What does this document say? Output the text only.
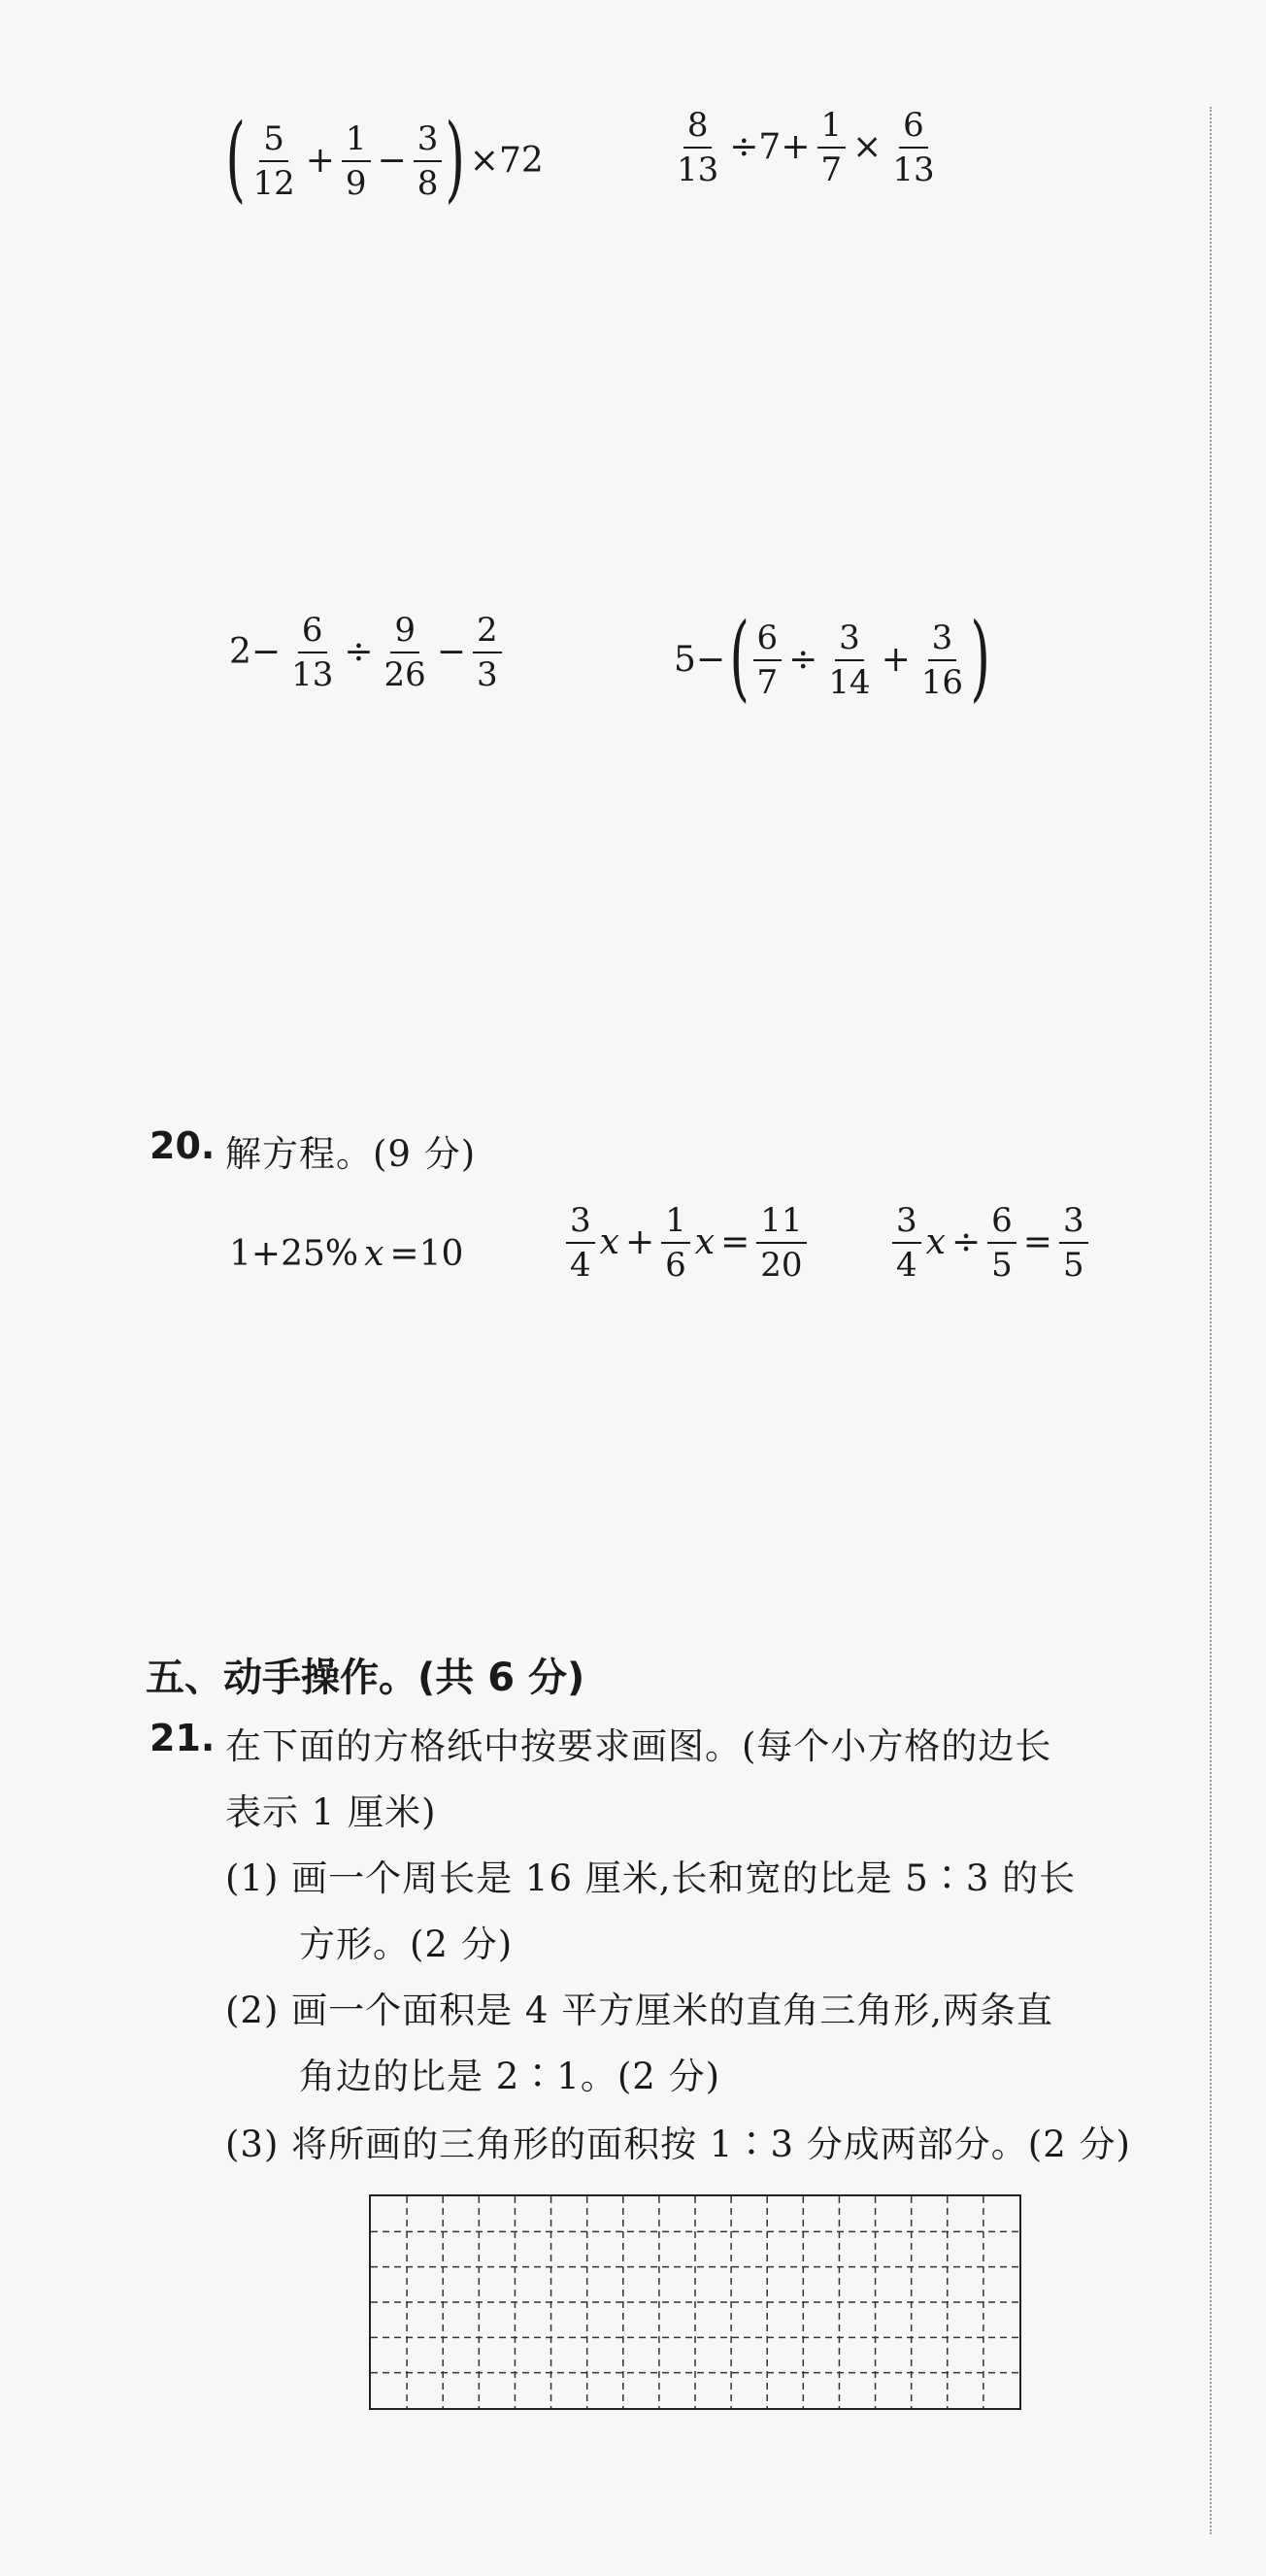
( $\frac{5}{12} + \frac{1}{9} - \frac{3}{8}$ ) ×72	$\frac{8}{13} \div 7+ \frac{1}{7} \times \frac{6}{13}$
$2- \frac{6}{13} \div \frac{9}{26} - \frac{2}{3}$	5− ( $\frac{6}{7} \div \frac{3}{14} + \frac{3}{16}$ )
20. 解方程。(9 分)
1+25% x =10	$\frac{3}{4}$ $x + \frac{1}{6}$ $x = \frac{11}{20}$	$\frac{3}{4}$ $x \div \frac{6}{5} = \frac{3}{5}$
五、动手操作。(共 6 分)
21. 在下面的方格纸中按要求画图。(每个小方格的边长
表示 1 厘米)
(1) 画一个周长是 16 厘米,长和宽的比是 5∶3 的长
方形。(2 分)
(2) 画一个面积是 4 平方厘米的直角三角形,两条直
角边的比是 2∶1。(2 分)
(3) 将所画的三角形的面积按 1∶3 分成两部分。(2 分)
